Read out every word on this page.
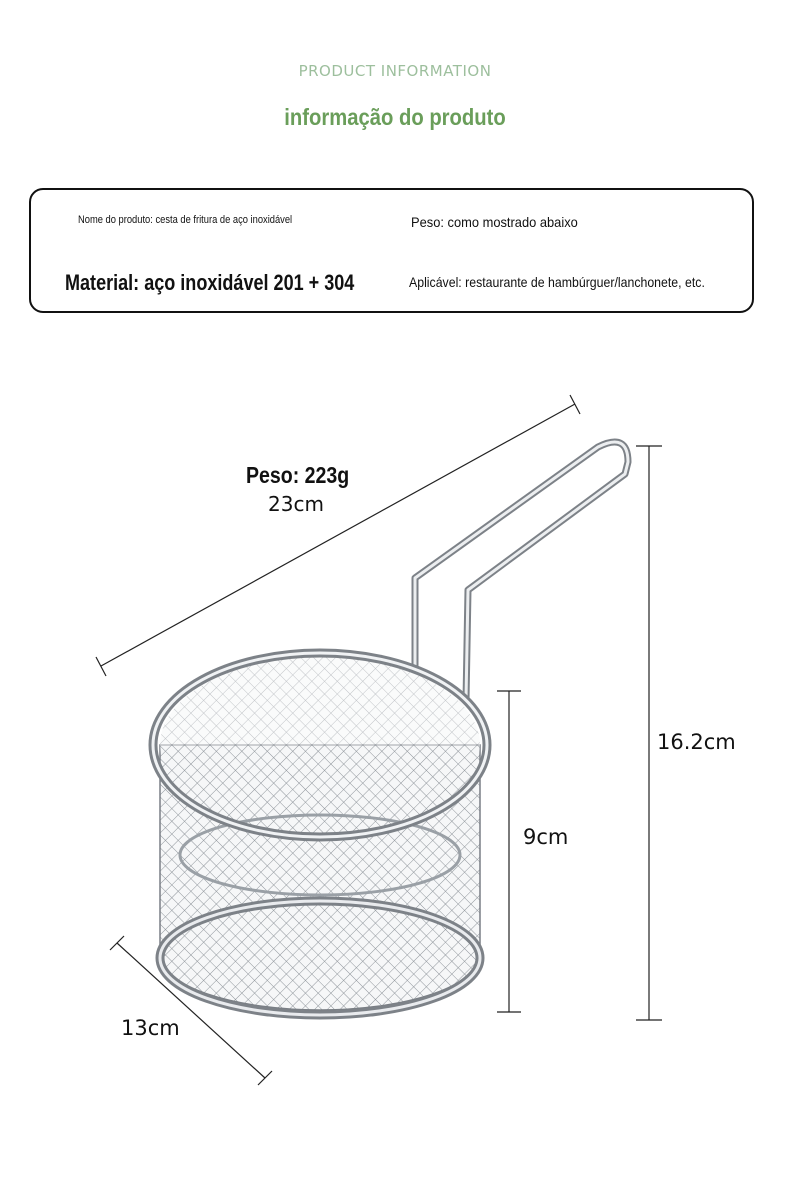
PRODUCT INFORMATION
informação do produto
Nome do produto: cesta de fritura de aço inoxidável	Peso: como mostrado abaixo
Material: aço inoxidável 201 + 304	Aplicável: restaurante de hambúrguer/lanchonete, etc.
Peso: 223g
23cm
16.2cm
9cm
13cm
